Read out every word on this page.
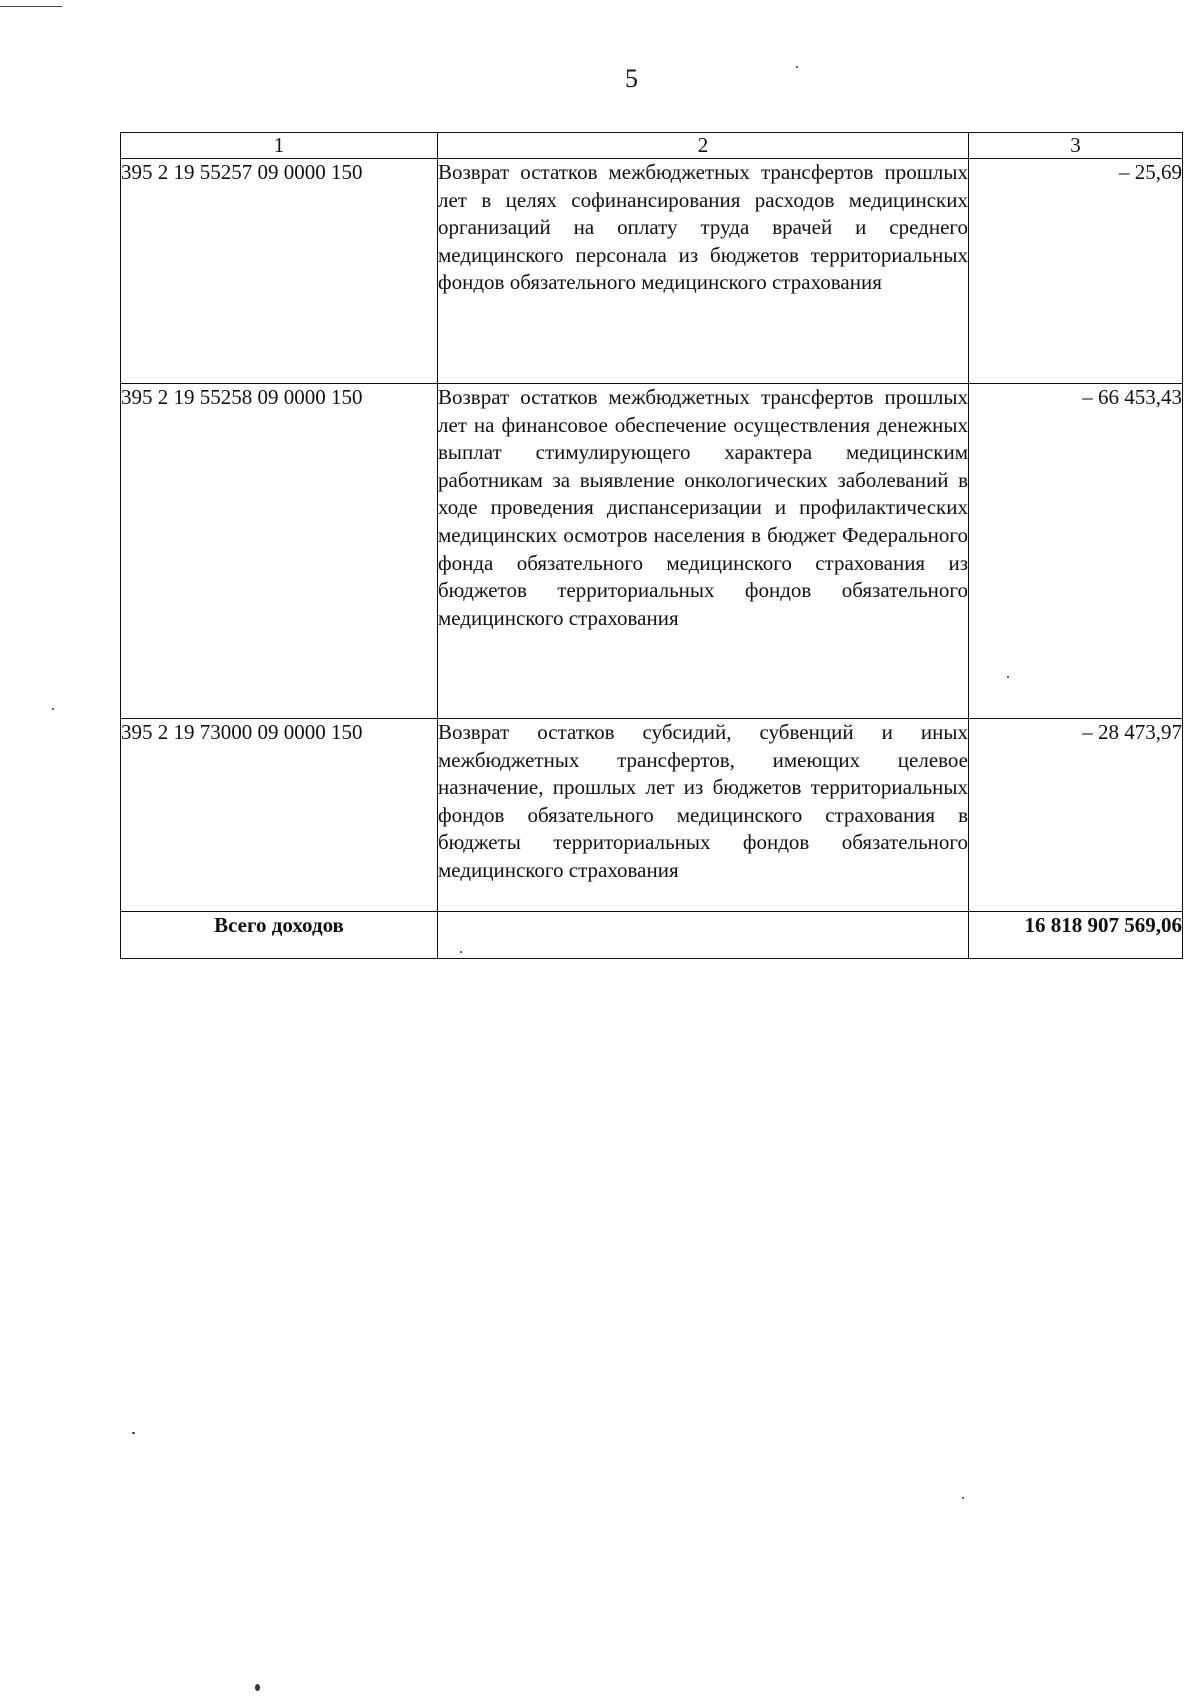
5
1	2	3
395 2 19 55257 09 0000 150	Возврат остатков межбюджетных трансфертов прошлых лет в целях софинансирования расходов медицинских организаций на оплату труда врачей и среднего медицинского персонала из бюджетов территориальных фондов обязательного медицинского страхования	– 25,69
395 2 19 55258 09 0000 150	Возврат остатков межбюджетных трансфертов прошлых лет на финансовое обеспечение осуществления денежных выплат стимулирующего характера медицинским работникам за выявление онкологических заболеваний в ходе проведения диспансеризации и профилактических медицинских осмотров населения в бюджет Федерального фонда обязательного медицинского страхования из бюджетов территориальных фондов обязательного медицинского страхования	– 66 453,43
395 2 19 73000 09 0000 150	Возврат остатков субсидий, субвенций и иных межбюджетных трансфертов, имеющих целевое назначение, прошлых лет из бюджетов территориальных фондов обязательного медицинского страхования в бюджеты территориальных фондов обязательного медицинского страхования	– 28 473,97
Всего доходов		16 818 907 569,06
